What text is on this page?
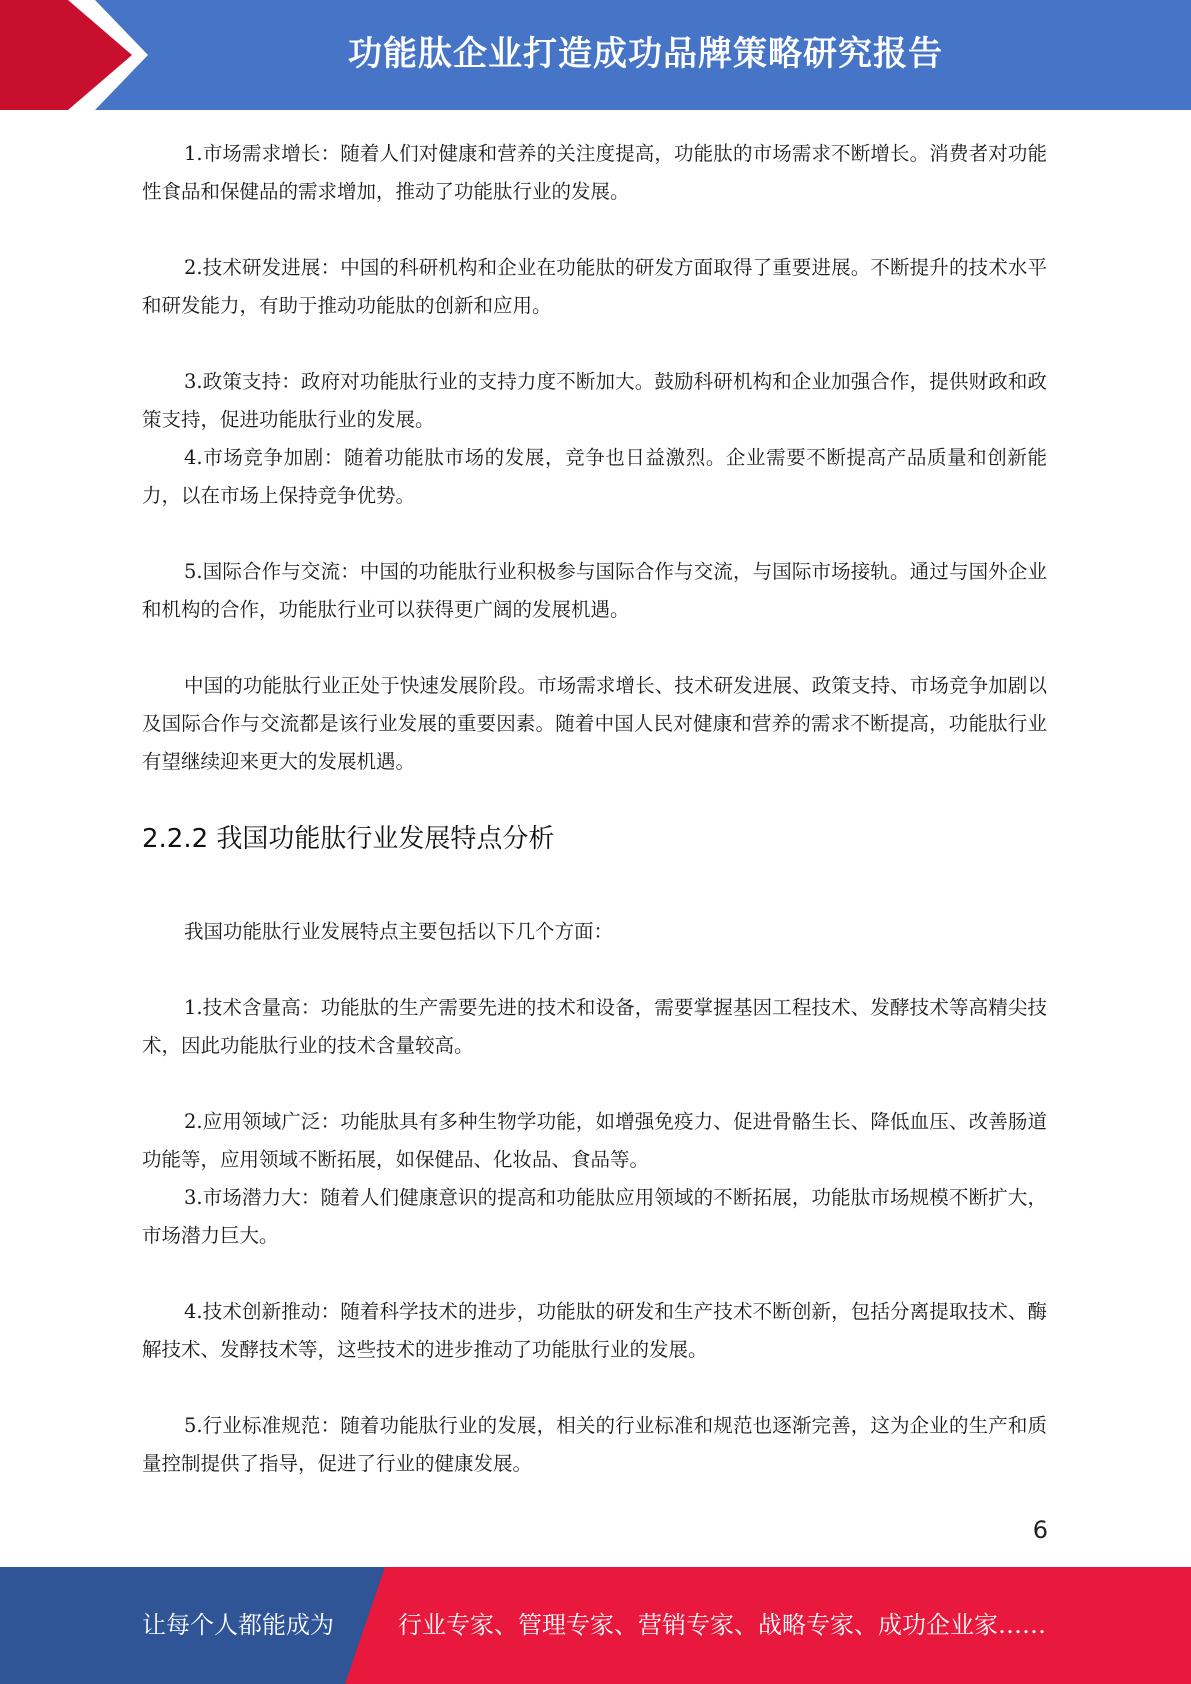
功能肽企业打造成功品牌策略研究报告

1.市场需求增长：随着人们对健康和营养的关注度提高，功能肽的市场需求不断增长。消费者对功能性食品和保健品的需求增加，推动了功能肽行业的发展。

2.技术研发进展：中国的科研机构和企业在功能肽的研发方面取得了重要进展。不断提升的技术水平和研发能力，有助于推动功能肽的创新和应用。

3.政策支持：政府对功能肽行业的支持力度不断加大。鼓励科研机构和企业加强合作，提供财政和政策支持，促进功能肽行业的发展。

4.市场竞争加剧：随着功能肽市场的发展，竞争也日益激烈。企业需要不断提高产品质量和创新能力，以在市场上保持竞争优势。

5.国际合作与交流：中国的功能肽行业积极参与国际合作与交流，与国际市场接轨。通过与国外企业和机构的合作，功能肽行业可以获得更广阔的发展机遇。

中国的功能肽行业正处于快速发展阶段。市场需求增长、技术研发进展、政策支持、市场竞争加剧以及国际合作与交流都是该行业发展的重要因素。随着中国人民对健康和营养的需求不断提高，功能肽行业有望继续迎来更大的发展机遇。

2.2.2 我国功能肽行业发展特点分析

我国功能肽行业发展特点主要包括以下几个方面：

1.技术含量高：功能肽的生产需要先进的技术和设备，需要掌握基因工程技术、发酵技术等高精尖技术，因此功能肽行业的技术含量较高。

2.应用领域广泛：功能肽具有多种生物学功能，如增强免疫力、促进骨骼生长、降低血压、改善肠道功能等，应用领域不断拓展，如保健品、化妆品、食品等。

3.市场潜力大：随着人们健康意识的提高和功能肽应用领域的不断拓展，功能肽市场规模不断扩大，市场潜力巨大。

4.技术创新推动：随着科学技术的进步，功能肽的研发和生产技术不断创新，包括分离提取技术、酶解技术、发酵技术等，这些技术的进步推动了功能肽行业的发展。

5.行业标准规范：随着功能肽行业的发展，相关的行业标准和规范也逐渐完善，这为企业的生产和质量控制提供了指导，促进了行业的健康发展。

6
让每个人都能成为	行业专家、管理专家、营销专家、战略专家、成功企业家……
